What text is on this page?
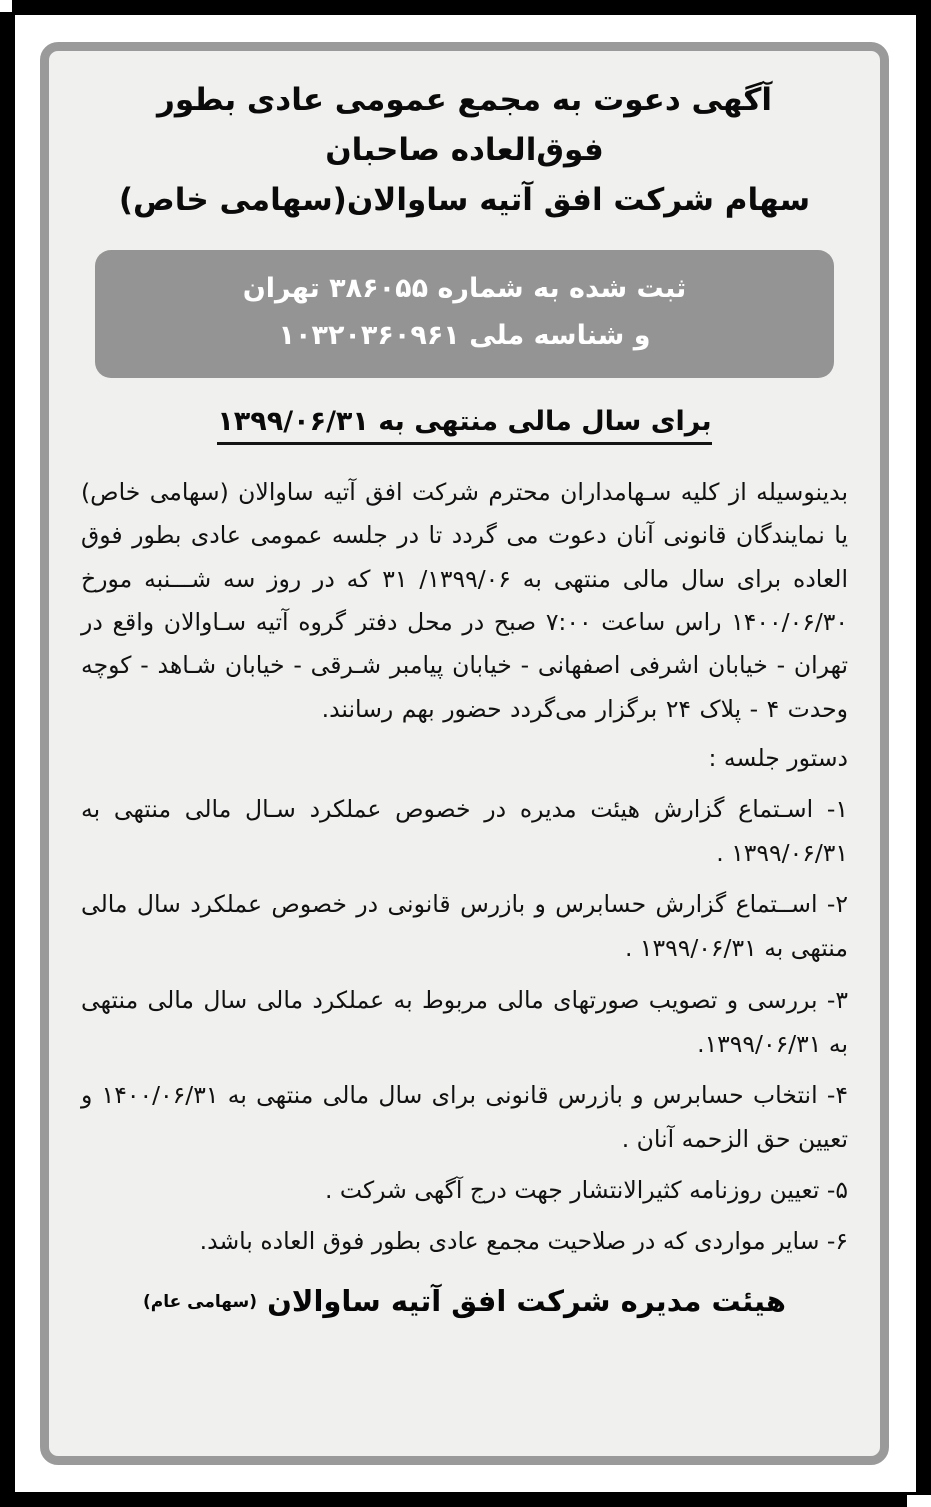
آگهی دعوت به مجمع عمومی عادی بطور فوق‌العاده صاحبان
سهام شرکت افق آتیه ساوالان(سهامی خاص)
ثبت شده به شماره ۳۸۶۰۵۵ تهران
و شناسه ملی ۱۰۳۲۰۳۶۰۹۶۱
برای سال مالی منتهی به ۱۳۹۹/۰۶/۳۱

بدینوسیله از کلیه سـهامداران محترم شرکت افق آتیه ساوالان (سهامی خاص) یا نمایندگان قانونی آنان دعوت می گردد تا در جلسه عمومی عادی بطور فوق العاده برای سال مالی منتهی به ۱۳۹۹/۰۶/ ۳۱ که در روز سه شـــنبه مورخ ۱۴۰۰/۰۶/۳۰ راس ساعت ۷:۰۰ صبح در محل دفتر گروه آتیه سـاوالان واقع در تهران - خیابان اشرفی اصفهانی - خیابان پیامبر شـرقی - خیابان شـاهد - کوچه وحدت ۴ - پلاک ۲۴ برگزار می‌گردد حضور بهم رسانند.

دستور جلسه :
۱- اسـتماع گزارش هیئت مدیره در خصوص عملکرد سـال مالی منتهی به ۱۳۹۹/۰۶/۳۱ .
۲- اســتماع گزارش حسابرس و بازرس قانونی در خصوص عملکرد سال مالی منتهی به ۱۳۹۹/۰۶/۳۱ .
۳- بررسی و تصویب صورتهای مالی مربوط به عملکرد مالی سال مالی منتهی به ۱۳۹۹/۰۶/۳۱.
۴- انتخاب حسابرس و بازرس قانونی برای سال مالی منتهی به ۱۴۰۰/۰۶/۳۱ و تعیین حق الزحمه آنان .
۵- تعیین روزنامه کثیرالانتشار جهت درج آگهی شرکت .
۶- سایر مواردی که در صلاحیت مجمع عادی بطور فوق العاده باشد.
هیئت مدیره شرکت افق آتیه ساوالان (سهامی عام)
